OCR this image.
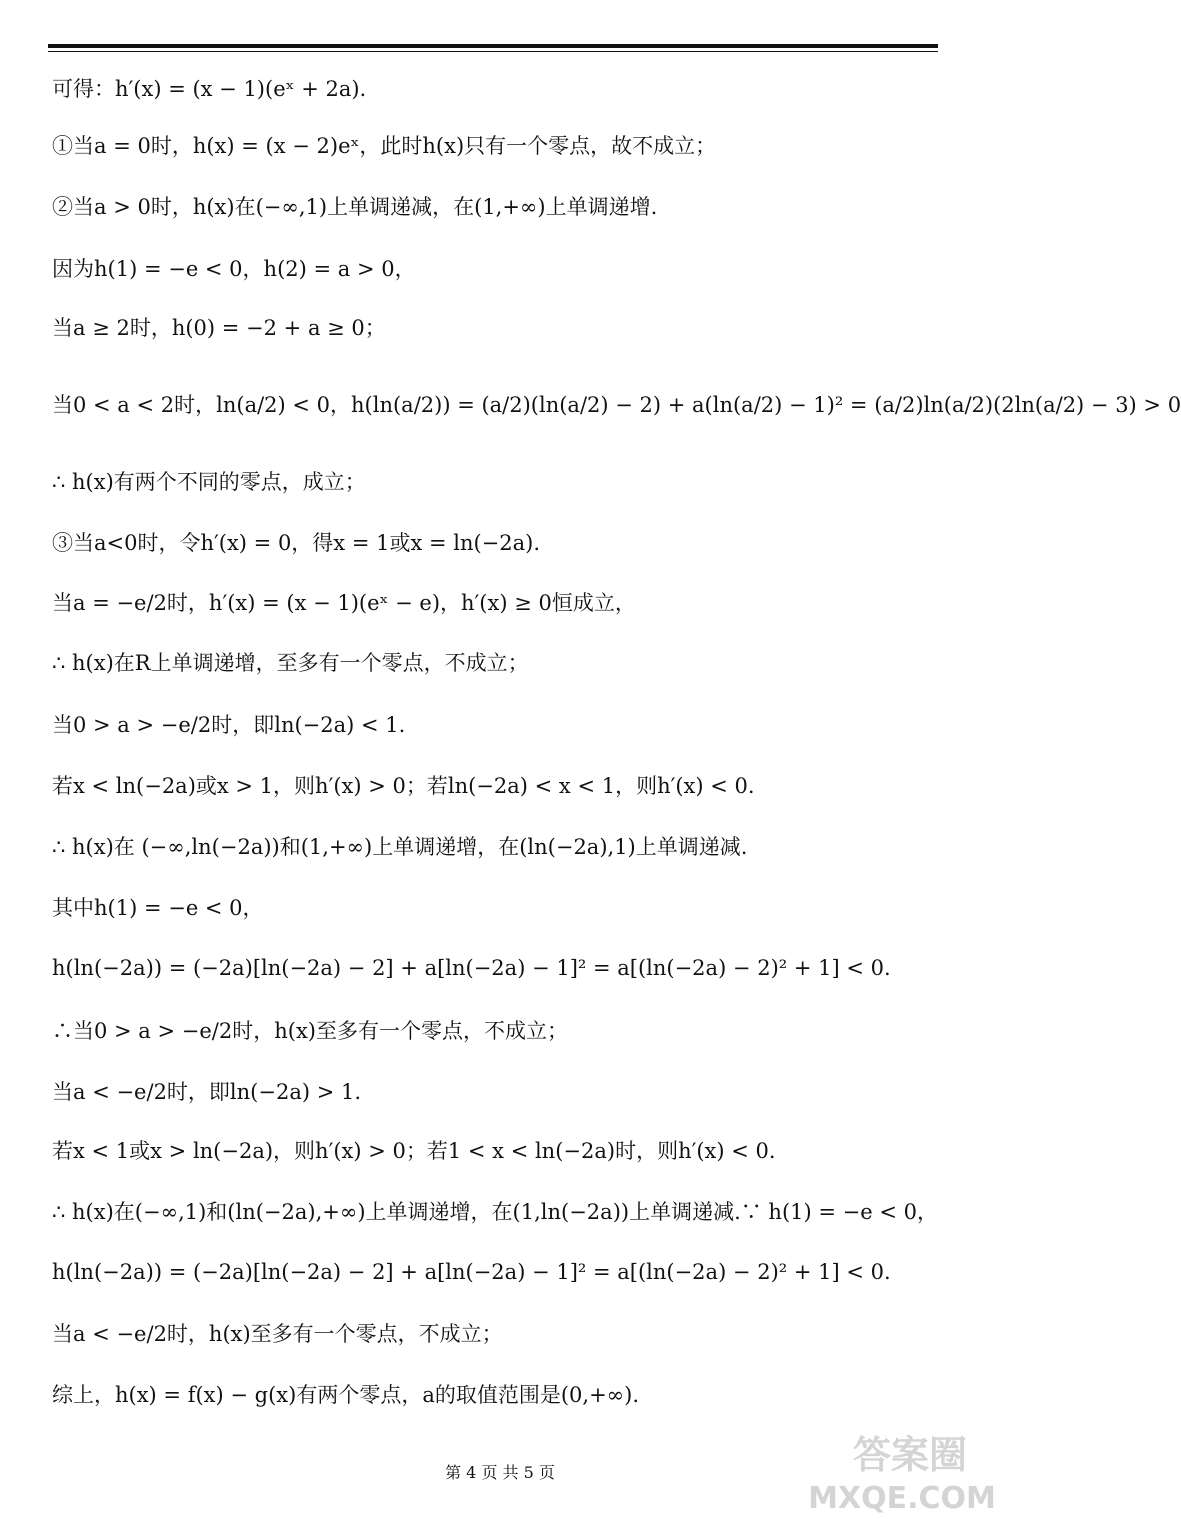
可得：h′(x) = (x − 1)(eˣ + 2a).
①当a = 0时，h(x) = (x − 2)eˣ，此时h(x)只有一个零点，故不成立；
②当a > 0时，h(x)在(−∞,1)上单调递减，在(1,+∞)上单调递增.
因为h(1) = −e < 0，h(2) = a > 0，
当a ≥ 2时，h(0) = −2 + a ≥ 0；
当0 < a < 2时，ln(a/2) < 0，h(ln(a/2)) = (a/2)(ln(a/2) − 2) + a(ln(a/2) − 1)² = (a/2)ln(a/2)(2ln(a/2) − 3) > 0
∴ h(x)有两个不同的零点，成立；
③当a<0时，令h′(x) = 0，得x = 1或x = ln(−2a).
当a = −e/2时，h′(x) = (x − 1)(eˣ − e)，h′(x) ≥ 0恒成立，
∴ h(x)在R上单调递增，至多有一个零点，不成立；
当0 > a > −e/2时，即ln(−2a) < 1.
若x < ln(−2a)或x > 1，则h′(x) > 0；若ln(−2a) < x < 1，则h′(x) < 0.
∴ h(x)在 (−∞,ln(−2a))和(1,+∞)上单调递增，在(ln(−2a),1)上单调递减.
其中h(1) = −e < 0，
h(ln(−2a)) = (−2a)[ln(−2a) − 2] + a[ln(−2a) − 1]² = a[(ln(−2a) − 2)² + 1] < 0.
∴当0 > a > −e/2时，h(x)至多有一个零点，不成立；
当a < −e/2时，即ln(−2a) > 1.
若x < 1或x > ln(−2a)，则h′(x) > 0；若1 < x < ln(−2a)时，则h′(x) < 0.
∴ h(x)在(−∞,1)和(ln(−2a),+∞)上单调递增，在(1,ln(−2a))上单调递减.∵ h(1) = −e < 0，
h(ln(−2a)) = (−2a)[ln(−2a) − 2] + a[ln(−2a) − 1]² = a[(ln(−2a) − 2)² + 1] < 0.
当a < −e/2时，h(x)至多有一个零点，不成立；
综上，h(x) = f(x) − g(x)有两个零点，a的取值范围是(0,+∞).
第 4 页 共 5 页	答案圈
MXQE.COM
